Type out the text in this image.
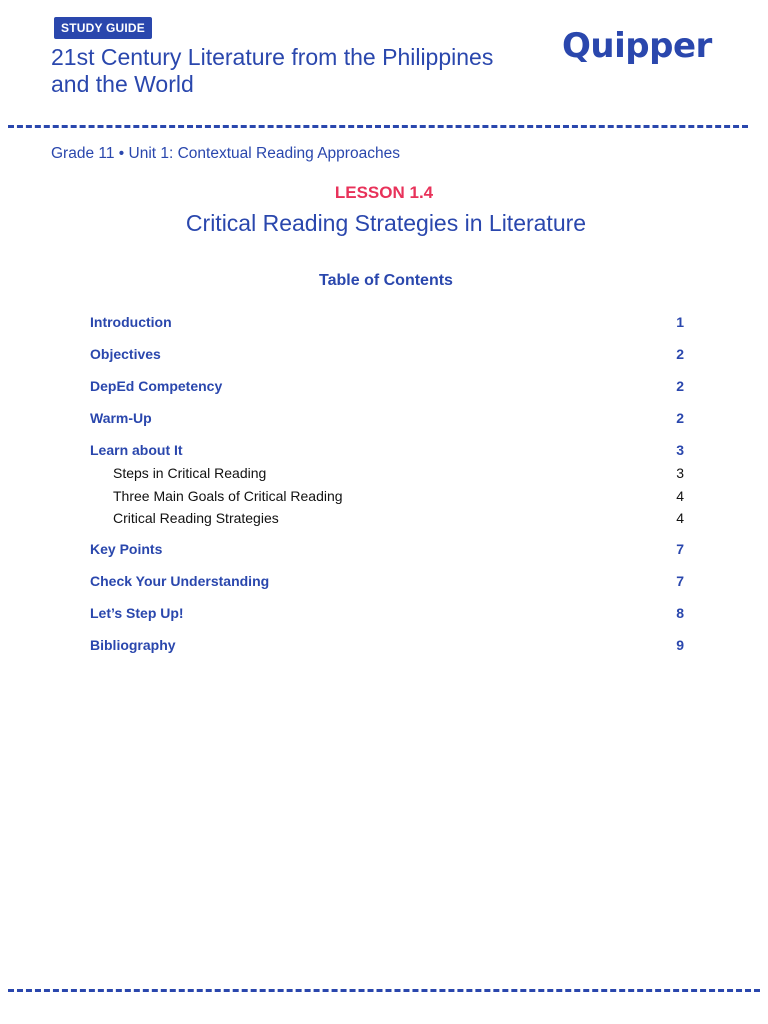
STUDY GUIDE
21st Century Literature from the Philippines
and the World
Quipper
Grade 11 • Unit 1: Contextual Reading Approaches
LESSON 1.4
Critical Reading Strategies in Literature
Table of Contents
Introduction	1
Objectives	2
DepEd Competency	2
Warm-Up	2
Learn about It	3
Steps in Critical Reading	3
Three Main Goals of Critical Reading	4
Critical Reading Strategies	4
Key Points	7
Check Your Understanding	7
Let’s Step Up!	8
Bibliography	9
